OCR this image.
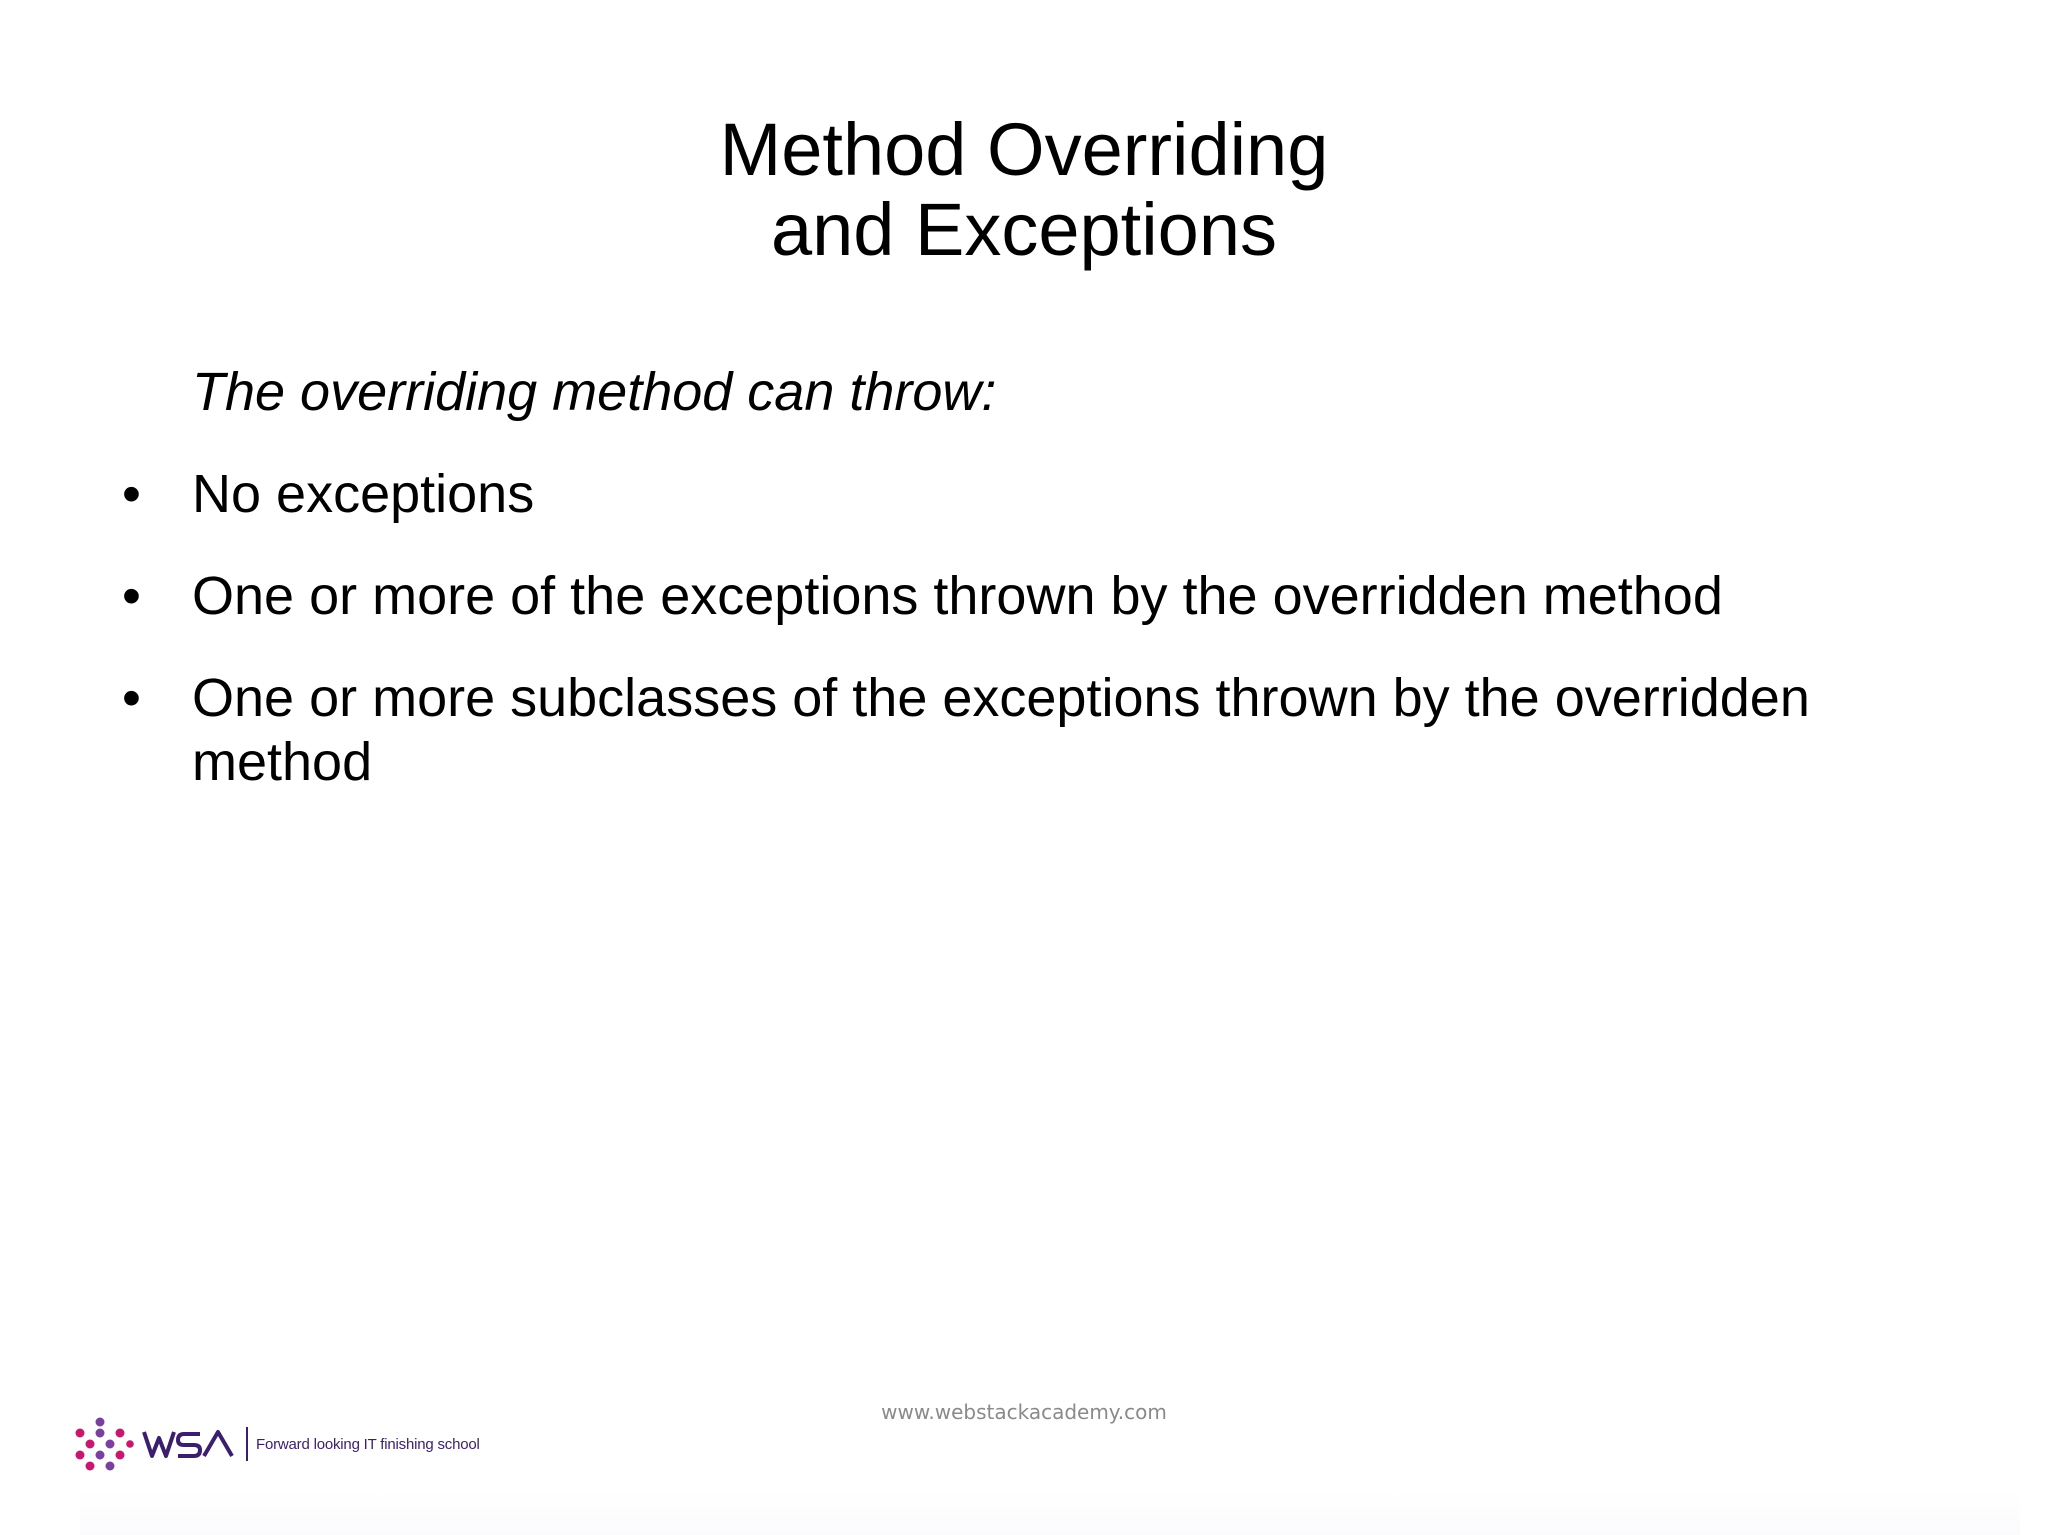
Method Overriding
and Exceptions
The overriding method can throw:
• No exceptions
• One or more of the exceptions thrown by the overridden method
• One or more subclasses of the exceptions thrown by the overridden method
www.webstackacademy.com
Forward looking IT finishing school
